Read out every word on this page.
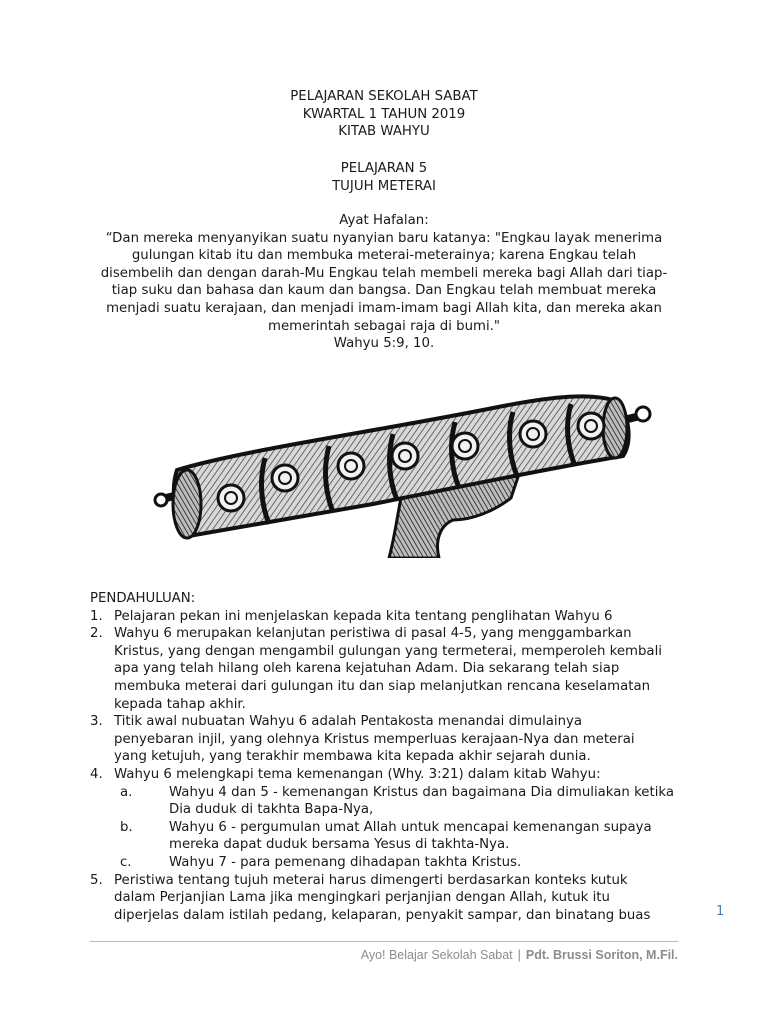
PELAJARAN SEKOLAH SABAT
KWARTAL 1 TAHUN 2019
KITAB WAHYU
PELAJARAN 5
TUJUH METERAI
Ayat Hafalan:
“Dan mereka menyanyikan suatu nyanyian baru katanya: "Engkau layak menerima
gulungan kitab itu dan membuka meterai-meterainya; karena Engkau telah
disembelih dan dengan darah-Mu Engkau telah membeli mereka bagi Allah dari tiap-
tiap suku dan bahasa dan kaum dan bangsa. Dan Engkau telah membuat mereka
menjadi suatu kerajaan, dan menjadi imam-imam bagi Allah kita, dan mereka akan
memerintah sebagai raja di bumi."
Wahyu 5:9, 10.
PENDAHULUAN:
1. Pelajaran pekan ini menjelaskan kepada kita tentang penglihatan Wahyu 6
2. Wahyu 6 merupakan kelanjutan peristiwa di pasal 4-5, yang menggambarkan
Kristus, yang dengan mengambil gulungan yang termeterai, memperoleh kembali
apa yang telah hilang oleh karena kejatuhan Adam. Dia sekarang telah siap
membuka meterai dari gulungan itu dan siap melanjutkan rencana keselamatan
kepada tahap akhir.
3. Titik awal nubuatan Wahyu 6 adalah Pentakosta menandai dimulainya
penyebaran injil, yang olehnya Kristus memperluas kerajaan-Nya dan meterai
yang ketujuh, yang terakhir membawa kita kepada akhir sejarah dunia.
4. Wahyu 6 melengkapi tema kemenangan (Why. 3:21) dalam kitab Wahyu:
a.	Wahyu 4 dan 5 - kemenangan Kristus dan bagaimana Dia dimuliakan ketika
Dia duduk di takhta Bapa-Nya,
b.	Wahyu 6 - pergumulan umat Allah untuk mencapai kemenangan supaya
mereka dapat duduk bersama Yesus di takhta-Nya.
c.	Wahyu 7 - para pemenang dihadapan takhta Kristus.
5. Peristiwa tentang tujuh meterai harus dimengerti berdasarkan konteks kutuk
dalam Perjanjian Lama jika mengingkari perjanjian dengan Allah, kutuk itu
diperjelas dalam istilah pedang, kelaparan, penyakit sampar, dan binatang buas	1
Ayo! Belajar Sekolah Sabat | Pdt. Brussi Soriton, M.Fil.
